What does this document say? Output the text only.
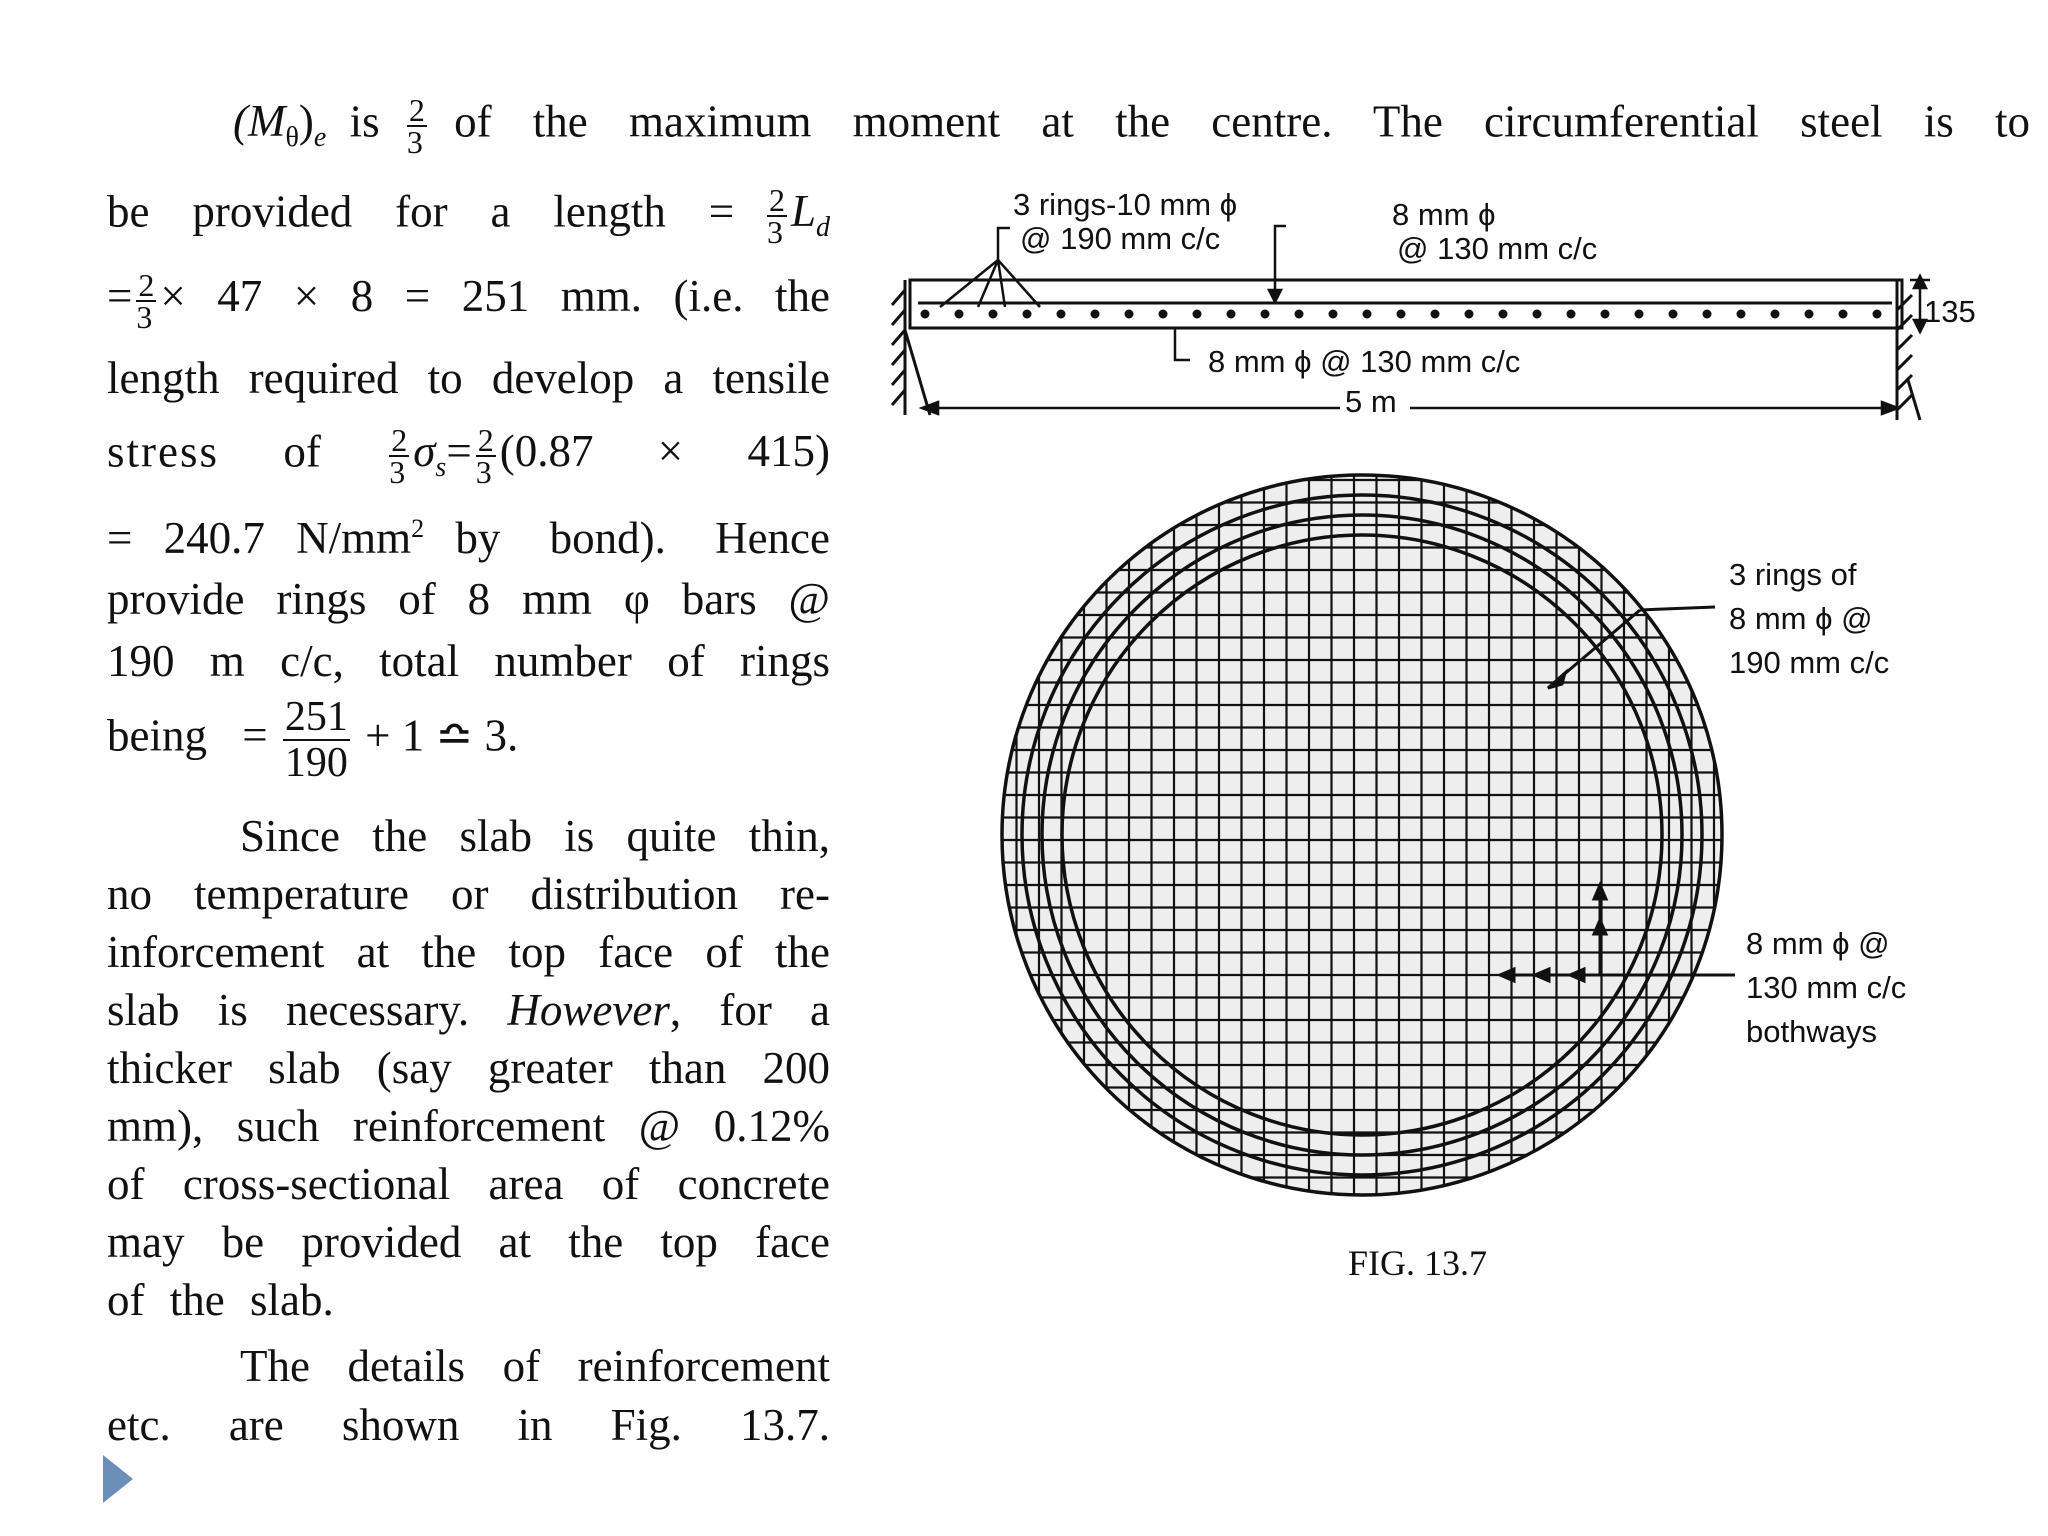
$(M_\theta)_e$ is $\frac{2}{3}$ of the maximum moment at the centre. The circumferential steel is to
be provided for a length = $\frac{2}{3} L_d$
= $\frac{2}{3} \times 47 \times 8 = 251$ mm. (i.e. the
length required to develop a tensile
stress of $\frac{2}{3} \sigma_s= \frac{2}{3} (0.87 \times 415)$
= 240.7 $N/mm^2$ by bond). Hence
provide rings of 8 mm φ bars @
190 m c/c, total number of rings
being = $\frac{251}{190} + 1$ ≏ 3.
Since the slab is quite thin,
no temperature or distribution re-
inforcement at the top face of the
slab is necessary. However, for a
thicker slab (say greater than 200
mm), such reinforcement @ 0.12%
of cross-sectional area of concrete
may be provided at the top face
of the slab.
The details of reinforcement
etc. are shown in Fig. 13.7.
3 rings-10 mm ϕ
@ 190 mm c/c
8 mm ϕ
@ 130 mm c/c
135
8 mm ϕ @ 130 mm c/c
5 m
3 rings of
8 mm ϕ @
190 mm c/c
8 mm ϕ @
130 mm c/c
bothways
FIG. 13.7
